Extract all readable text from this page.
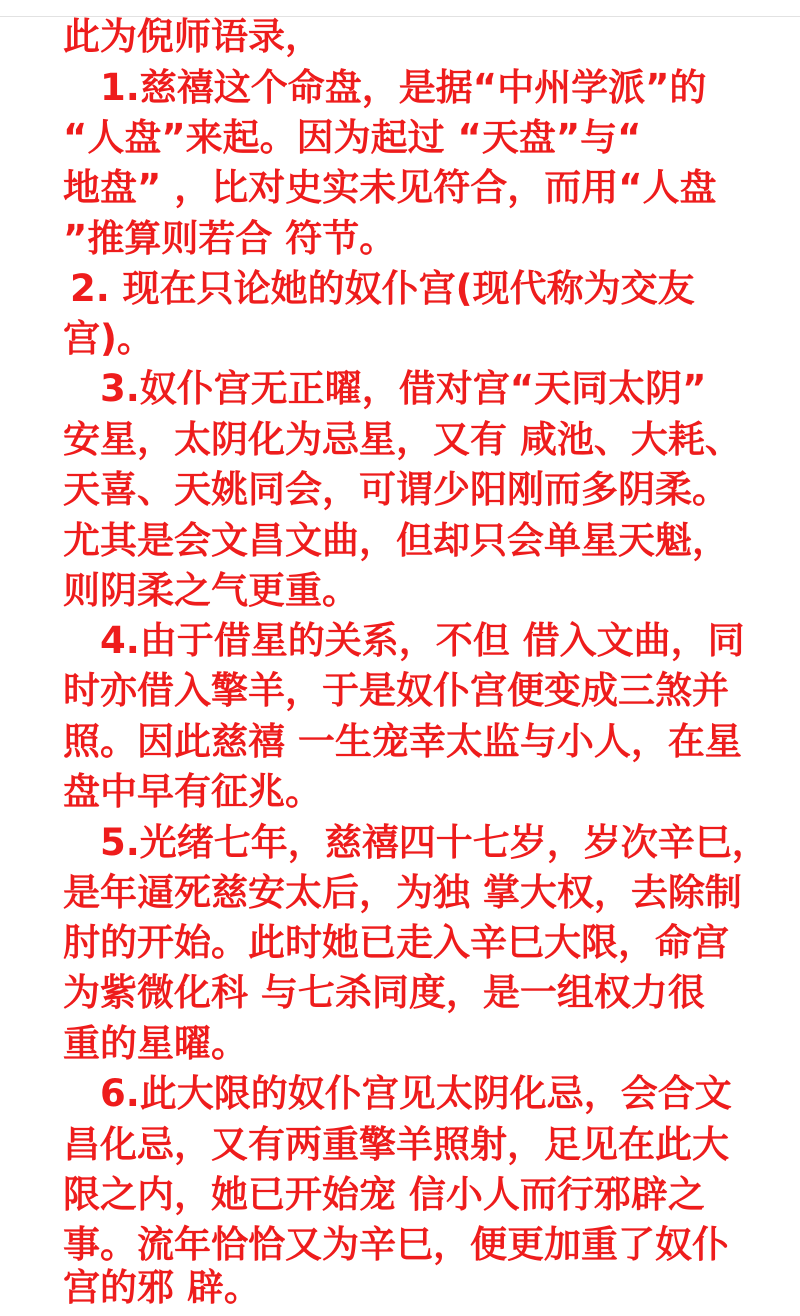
此为倪师语录，
1.慈禧这个命盘，是据“中州学派”的
“人盘”来起。因为起过 “天盘”与“
地盘” ，比对史实未见符合，而用“人盘
”推算则若合 符节。
2. 现在只论她的奴仆宫(现代称为交友
宫)。
3.奴仆宫无正曜，借对宫“天同太阴”
安星，太阴化为忌星，又有 咸池、大耗、
天喜、天姚同会，可谓少阳刚而多阴柔。
尤其是会文昌文曲，但却只会单星天魁，
则阴柔之气更重。
4.由于借星的关系，不但 借入文曲，同
时亦借入擎羊，于是奴仆宫便变成三煞并
照。因此慈禧 一生宠幸太监与小人，在星
盘中早有征兆。
5.光绪七年，慈禧四十七岁，岁次辛巳，
是年逼死慈安太后，为独 掌大权，去除制
肘的开始。此时她已走入辛巳大限，命宫
为紫微化科 与七杀同度，是一组权力很
重的星曜。
6.此大限的奴仆宫见太阴化忌，会合文
昌化忌，又有两重擎羊照射，足见在此大
限之内，她已开始宠 信小人而行邪辟之
事。流年恰恰又为辛巳，便更加重了奴仆
宫的邪 辟。
